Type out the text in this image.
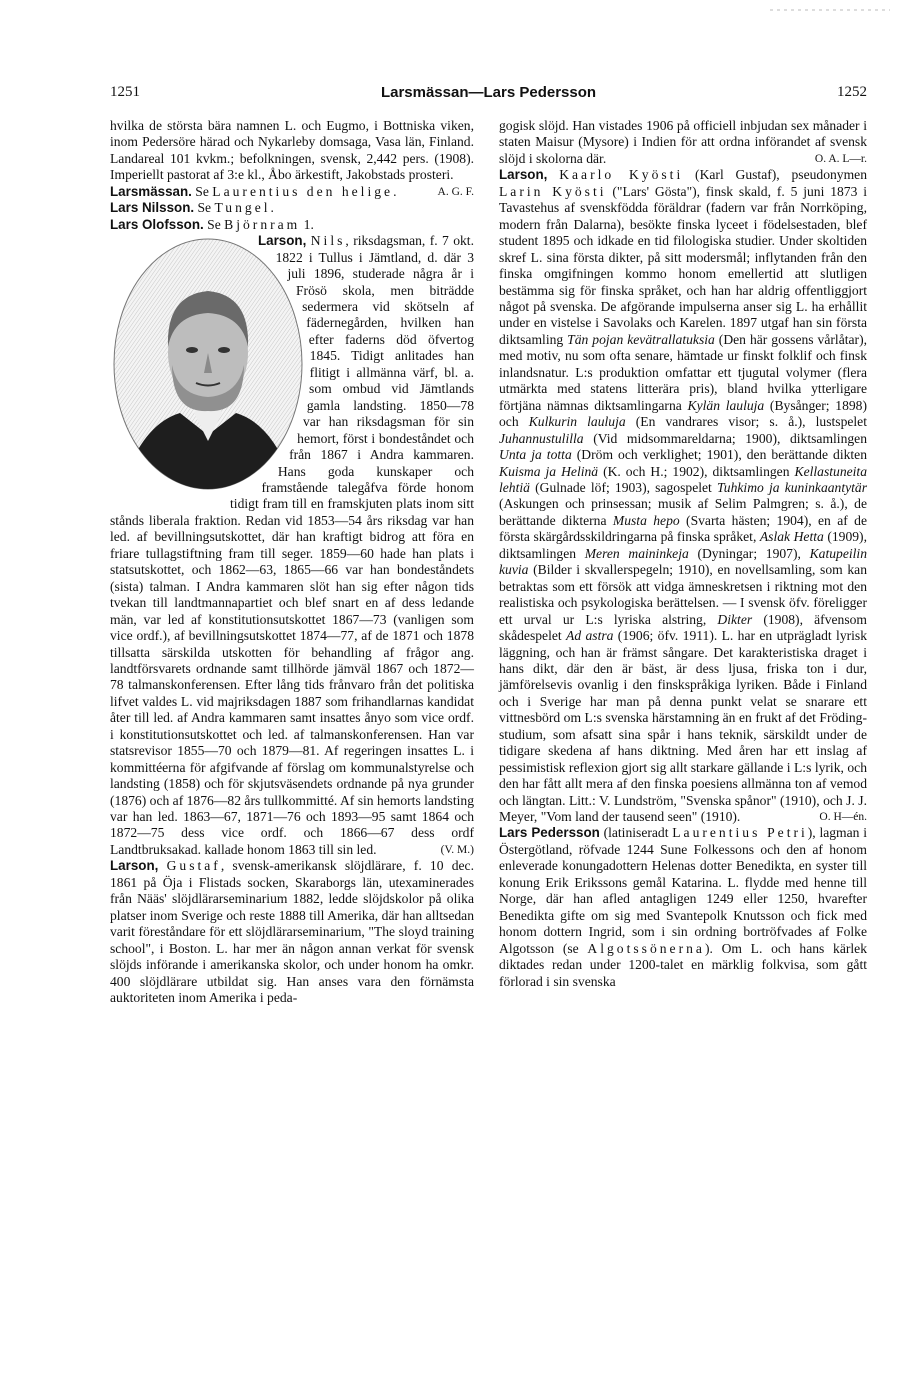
1251	Larsmässan—Lars Pedersson	1252

hvilka de största bära namnen L. och Eugmo, i Bottniska viken, inom Pedersöre härad och Nykarleby domsaga, Vasa län, Finland. Landareal 101 kvkm.; befolkningen, svensk, 2,442 pers. (1908). Imperiellt pastorat af 3:e kl., Åbo ärkestift, Jakobstads prosteri.
A. G. F.

Larsmässan. Se Laurentius den helige.

Lars Nilsson. Se Tungel.

Lars Olofsson. Se Björnram 1.

Larson, Nils, riksdagsman, f. 7 okt. 1822 i Tullus i Jämtland, d. där 3 juli 1896, studerade några år i Frösö skola, men biträdde sedermera vid skötseln af fädernegården, hvilken han efter faderns död öfvertog 1845. Tidigt anlitades han flitigt i allmänna värf, bl. a. som ombud vid Jämtlands gamla landsting. 1850—78 var han riksdagsman för sin hemort, först i bondeståndet och från 1867 i Andra kammaren. Hans goda kunskaper och framstående talegåfva förde honom tidigt fram till en framskjuten plats inom sitt stånds liberala fraktion. Redan vid 1853—54 års riksdag var han led. af bevillningsutskottet, där han kraftigt bidrog att föra en friare tullagstiftning fram till seger. 1859—60 hade han plats i statsutskottet, och 1862—63, 1865—66 var han bondeståndets (sista) talman. I Andra kammaren slöt han sig efter någon tids tvekan till landtmannapartiet och blef snart en af dess ledande män, var led af konstitutionsutskottet 1867—73 (vanligen som vice ordf.), af bevillningsutskottet 1874—77, af de 1871 och 1878 tillsatta särskilda utskotten för behandling af frågor ang. landtförsvarets ordnande samt tillhörde jämväl 1867 och 1872—78 talmanskonferensen. Efter lång tids frånvaro från det politiska lifvet valdes L. vid majriksdagen 1887 som frihandlarnas kandidat åter till led. af Andra kammaren samt insattes ånyo som vice ordf. i konstitutionsutskottet och led. af talmanskonferensen. Han var statsrevisor 1855—70 och 1879—81. Af regeringen insattes L. i kommittéerna för afgifvande af förslag om kommunalstyrelse och landsting (1858) och för skjutsväsendets ordnande på nya grunder (1876) och af 1876—82 års tullkommitté. Af sin hemorts landsting var han led. 1863—67, 1871—76 och 1893—95 samt 1864 och 1872—75 dess vice ordf. och 1866—67 dess ordf Landtbruksakad. kallade honom 1863 till sin led.	(V. M.)

Larson, Gustaf, svensk-amerikansk slöjdlärare, f. 10 dec. 1861 på Öja i Flistads socken, Skaraborgs län, utexaminerades från Nääs' slöjdlärarseminarium 1882, ledde slöjdskolor på olika platser inom Sverige och reste 1888 till Amerika, där han alltsedan varit föreståndare för ett slöjdlärarseminarium, "The sloyd training school", i Boston. L. har mer än någon annan verkat för svensk slöjds införande i amerikanska skolor, och under honom ha omkr. 400 slöjdlärare utbildat sig. Han anses vara den förnämsta auktoriteten inom Amerika i peda-

gogisk slöjd. Han vistades 1906 på officiell inbjudan sex månader i staten Maisur (Mysore) i Indien för att ordna införandet af svensk slöjd i skolorna där.	O. A. L—r.

Larson, Kaarlo Kyösti (Karl Gustaf), pseudonymen Larin Kyösti ("Lars' Gösta"), finsk skald, f. 5 juni 1873 i Tavastehus af svenskfödda föräldrar (fadern var från Norrköping, modern från Dalarna), besökte finska lyceet i födelsestaden, blef student 1895 och idkade en tid filologiska studier. Under skoltiden skref L. sina första dikter, på sitt modersmål; inflytanden från den finska omgifningen kommo honom emellertid att slutligen bestämma sig för finska språket, och han har aldrig offentliggjort något på svenska. De afgörande impulserna anser sig L. ha erhållit under en vistelse i Savolaks och Karelen. 1897 utgaf han sin första diktsamling Tän pojan kevätrallatuksia (Den här gossens vårlåtar), med motiv, nu som ofta senare, hämtade ur finskt folklif och finsk inlandsnatur. L:s produktion omfattar ett tjugutal volymer (flera utmärkta med statens litterära pris), bland hvilka ytterligare förtjäna nämnas diktsamlingarna Kylän lauluja (Bysånger; 1898) och Kulkurin lauluja (En vandrares visor; s. å.), lustspelet Juhannustulilla (Vid midsommareldarna; 1900), diktsamlingen Unta ja totta (Dröm och verklighet; 1901), den berättande dikten Kuisma ja Helinä (K. och H.; 1902), diktsamlingen Kellastuneita lehtiä (Gulnade löf; 1903), sagospelet Tuhkimo ja kuninkaantytär (Askungen och prinsessan; musik af Selim Palmgren; s. å.), de berättande dikterna Musta hepo (Svarta hästen; 1904), en af de första skärgårdsskildringarna på finska språket, Aslak Hetta (1909), diktsamlingen Meren maininkeja (Dyningar; 1907), Katupeilin kuvia (Bilder i skvallerspegeln; 1910), en novellsamling, som kan betraktas som ett försök att vidga ämneskretsen i riktning mot den realistiska och psykologiska berättelsen. — I svensk öfv. föreligger ett urval ur L:s lyriska alstring, Dikter (1908), äfvensom skådespelet Ad astra (1906; öfv. 1911). L. har en utprägladt lyrisk läggning, och han är främst sångare. Det karakteristiska draget i hans dikt, där den är bäst, är dess ljusa, friska ton i dur, jämförelsevis ovanlig i den finskspråkiga lyriken. Både i Finland och i Sverige har man på denna punkt velat se snarare ett vittnesbörd om L:s svenska härstamning än en frukt af det Fröding-studium, som afsatt sina spår i hans teknik, särskildt under de tidigare skedena af hans diktning. Med åren har ett inslag af pessimistisk reflexion gjort sig allt starkare gällande i L:s lyrik, och den har fått allt mera af den finska poesiens allmänna ton af vemod och längtan. Litt.: V. Lundström, "Svenska spånor" (1910), och J. J. Meyer, "Vom land der tausend seen" (1910).	O. H—én.

Lars Pedersson (latiniseradt Laurentius Petri), lagman i Östergötland, röfvade 1244 Sune Folkessons och den af honom enleverade konungadottern Helenas dotter Benedikta, en syster till konung Erik Erikssons gemål Katarina. L. flydde med henne till Norge, där han afled antagligen 1249 eller 1250, hvarefter Benedikta gifte om sig med Svantepolk Knutsson och fick med honom dottern Ingrid, som i sin ordning bortröfvades af Folke Algotsson (se Algotssönerna). Om L. och hans kärlek diktades redan under 1200-talet en märklig folkvisa, som gått förlorad i sin svenska
